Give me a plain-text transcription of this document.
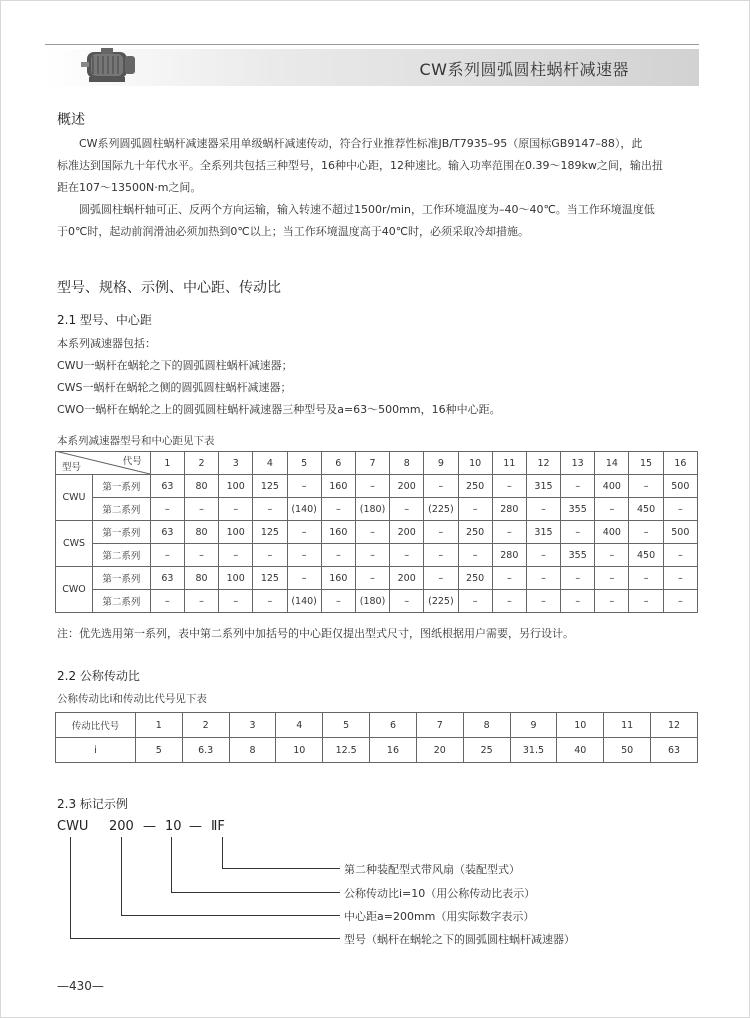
CW系列圆弧圆柱蜗杆减速器
概述
CW系列圆弧圆柱蜗杆减速器采用单级蜗杆减速传动，符合行业推荐性标准JB/T7935–95（原国标GB9147–88），此
标准达到国际九十年代水平。全系列共包括三种型号，16种中心距，12种速比。输入功率范围在0.39～189kw之间，输出扭
距在107～13500N·m之间。
圆弧圆柱蜗杆轴可正、反两个方向运输，输入转速不超过1500r/min，工作环境温度为–40～40℃。当工作环境温度低
于0℃时，起动前润滑油必须加热到0℃以上；当工作环境温度高于40℃时，必须采取冷却措施。
型号、规格、示例、中心距、传动比
2.1 型号、中心距
本系列减速器包括：
CWU一蜗杆在蜗轮之下的圆弧圆柱蜗杆减速器；
CWS一蜗杆在蜗轮之侧的圆弧圆柱蜗杆减速器；
CWO一蜗杆在蜗轮之上的圆弧圆柱蜗杆减速器三种型号及a=63～500mm，16种中心距。
本系列减速器型号和中心距见下表
代号
型号		1	2	3	4	5	6	7	8	9	10	11	12	13	14	15	16
CWU	第一系列	63	80	100	125	–	160	–	200	–	250	–	315	–	400	–	500
	第二系列	–	–	–	–	(140)	–	(180)	–	(225)	–	280	–	355	–	450	–
CWS	第一系列	63	80	100	125	–	160	–	200	–	250	–	315	–	400	–	500
	第二系列	–	–	–	–	–	–	–	–	–	–	280	–	355	–	450	–
CWO	第一系列	63	80	100	125	–	160	–	200	–	250	–	–	–	–	–	–
	第二系列	–	–	–	–	(140)	–	(180)	–	(225)	–	–	–	–	–	–	–
注：优先选用第一系列，表中第二系列中加括号的中心距仅提出型式尺寸，图纸根据用户需要，另行设计。
2.2 公称传动比
公称传动比i和传动比代号见下表
传动比代号	1	2	3	4	5	6	7	8	9	10	11	12
i	5	6.3	8	10	12.5	16	20	25	31.5	40	50	63
2.3 标记示例
CWU 200 — 10 — ⅡF
第二种装配型式带风扇（装配型式）
公称传动比i=10（用公称传动比表示）
中心距a=200mm（用实际数字表示）
型号（蜗杆在蜗轮之下的圆弧圆柱蜗杆减速器）
—430—
